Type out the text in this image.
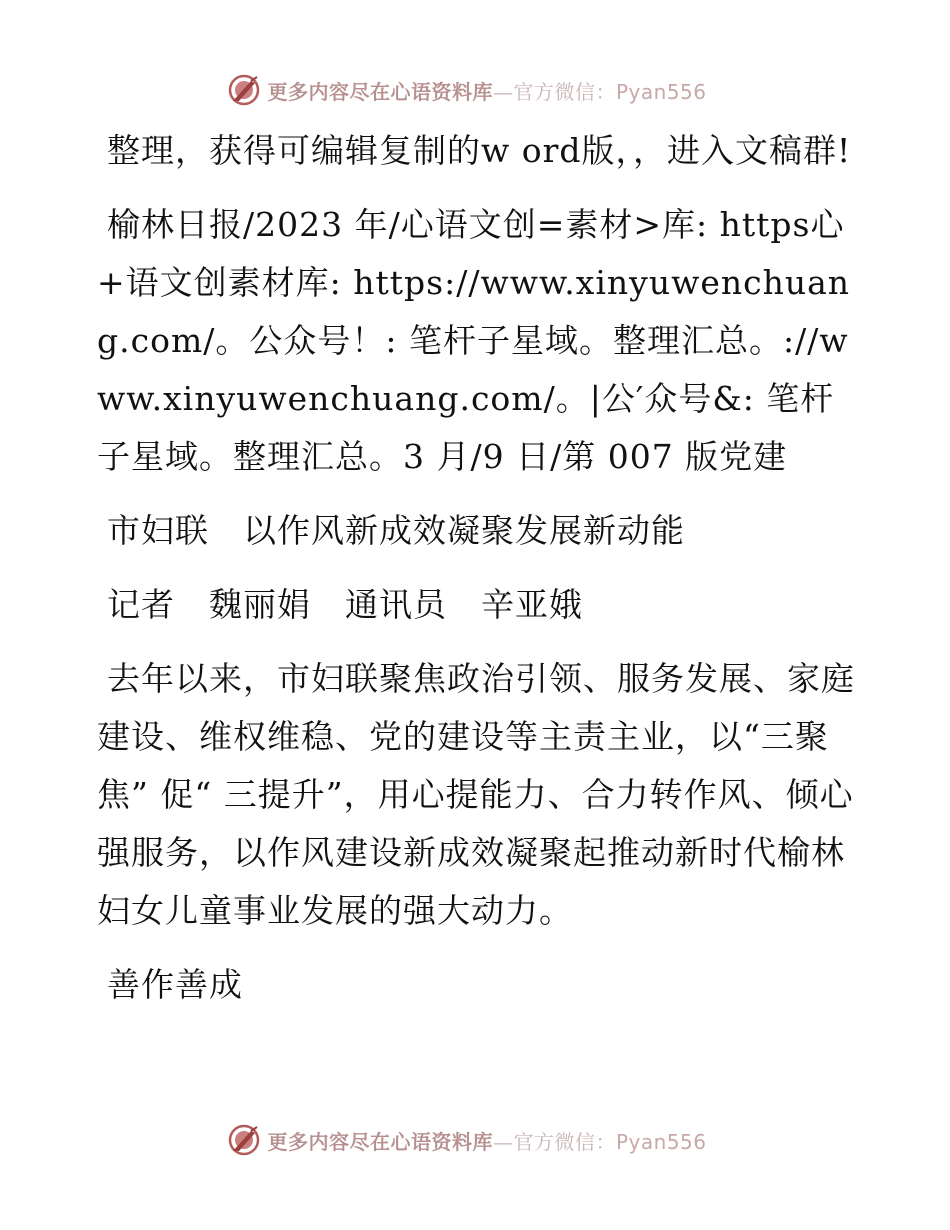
更多内容尽在心语资料库—官方微信：Pyan556

整理，获得可编辑复制的w ord版，，进入文稿群!

榆林日报/2023 年/心语文创=素材>库: https心+语文创素材库: https://www.xinyuwenchuang.com/。公众号！: 笔杆子星域。整理汇总。://www.xinyuwenchuang.com/。|公′众号&: 笔杆子星域。整理汇总。3 月/9 日/第 007 版党建

市妇联　以作风新成效凝聚发展新动能

记者　魏丽娟　通讯员　辛亚娥

去年以来，市妇联聚焦政治引领、服务发展、家庭建设、维权维稳、党的建设等主责主业，以“三聚焦” 促“ 三提升”，用心提能力、合力转作风、倾心强服务，以作风建设新成效凝聚起推动新时代榆林妇女儿童事业发展的强大动力。

善作善成

更多内容尽在心语资料库—官方微信：Pyan556
